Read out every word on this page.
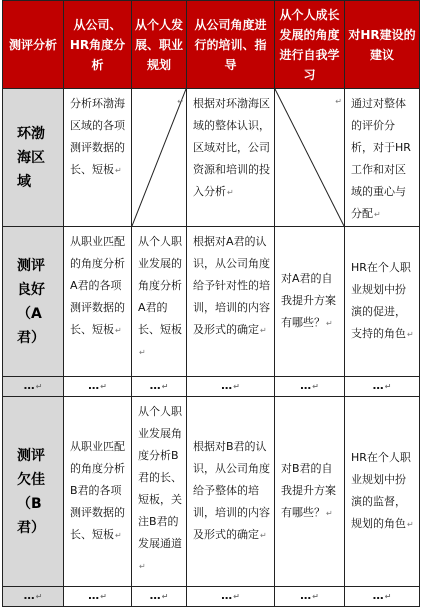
测评分析	从公司、HR角度分析	从个人发展、职业规划	从公司角度进行的培训、指导	从个人成长发展的角度进行自我学习	对HR建设的建议

环渤海区域	分析环渤海区域的各项测评数据的长、短板↵	↵	根据对环渤海区域的整体认识，区域对比，公司资源和培训的投入分析↵	↵	通过对整体的评价分析，对于HR工作和对区域的重心与分配↵

测评良好（A君）	从职业匹配的角度分析A君的各项测评数据的长、短板↵	从个人职业发展的角度分析A君的长、短板↵	根据对A君的认识，从公司角度给予针对性的培训，培训的内容及形式的确定↵	对A君的自我提升方案有哪些？↵	HR在个人职业规划中扮演的促进，支持的角色↵

…↵	…↵	…↵	…↵	…↵	…↵

测评欠佳（B君）	从职业匹配的角度分析B君的各项测评数据的长、短板↵	从个人职业发展角度分析B君的长、短板，关注B君的发展通道↵	根据对B君的认识，从公司角度给予整体的培训，培训的内容及形式的确定↵	对B君的自我提升方案有哪些？↵	HR在个人职业规划中扮演的监督，规划的角色↵

…↵	…↵	…↵	…↵	…↵	…↵
